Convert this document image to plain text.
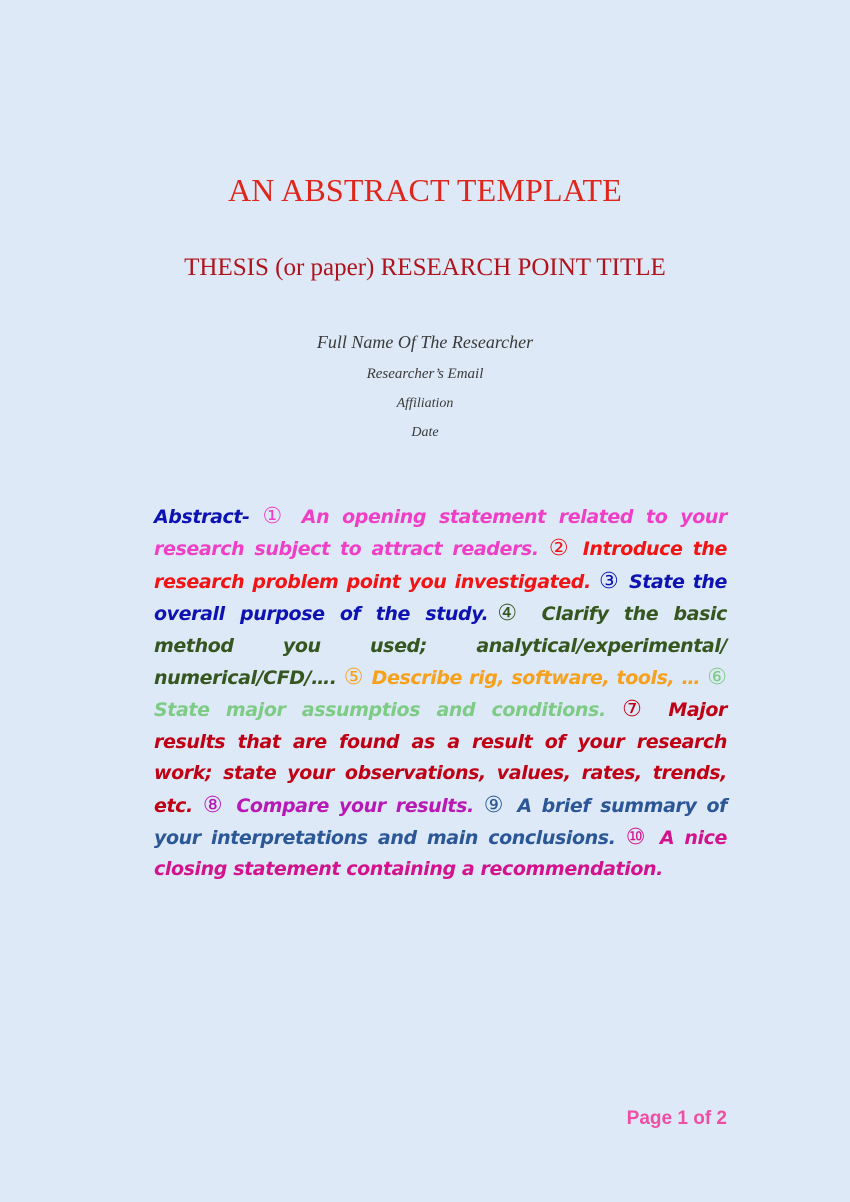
AN ABSTRACT TEMPLATE
THESIS (or paper) RESEARCH POINT TITLE

Full Name Of The Researcher

Researcher’s Email

Affiliation

Date

Abstract- ① An opening statement related to your research subject to attract readers. ② Introduce the research problem point you investigated. ③ State the overall purpose of the study.④ Clarify the basic method you used; analytical/experimental/ numerical/CFD/…. ⑤ Describe rig, software, tools, … ⑥ State major assumptios and conditions. ⑦ Major results that are found as a result of your research work; state your observations, values, rates, trends, etc. ⑧ Compare your results. ⑨ A brief summary of your interpretations and main conclusions. ⑩ A nice closing statement containing a recommendation.

Page 1 of 2
